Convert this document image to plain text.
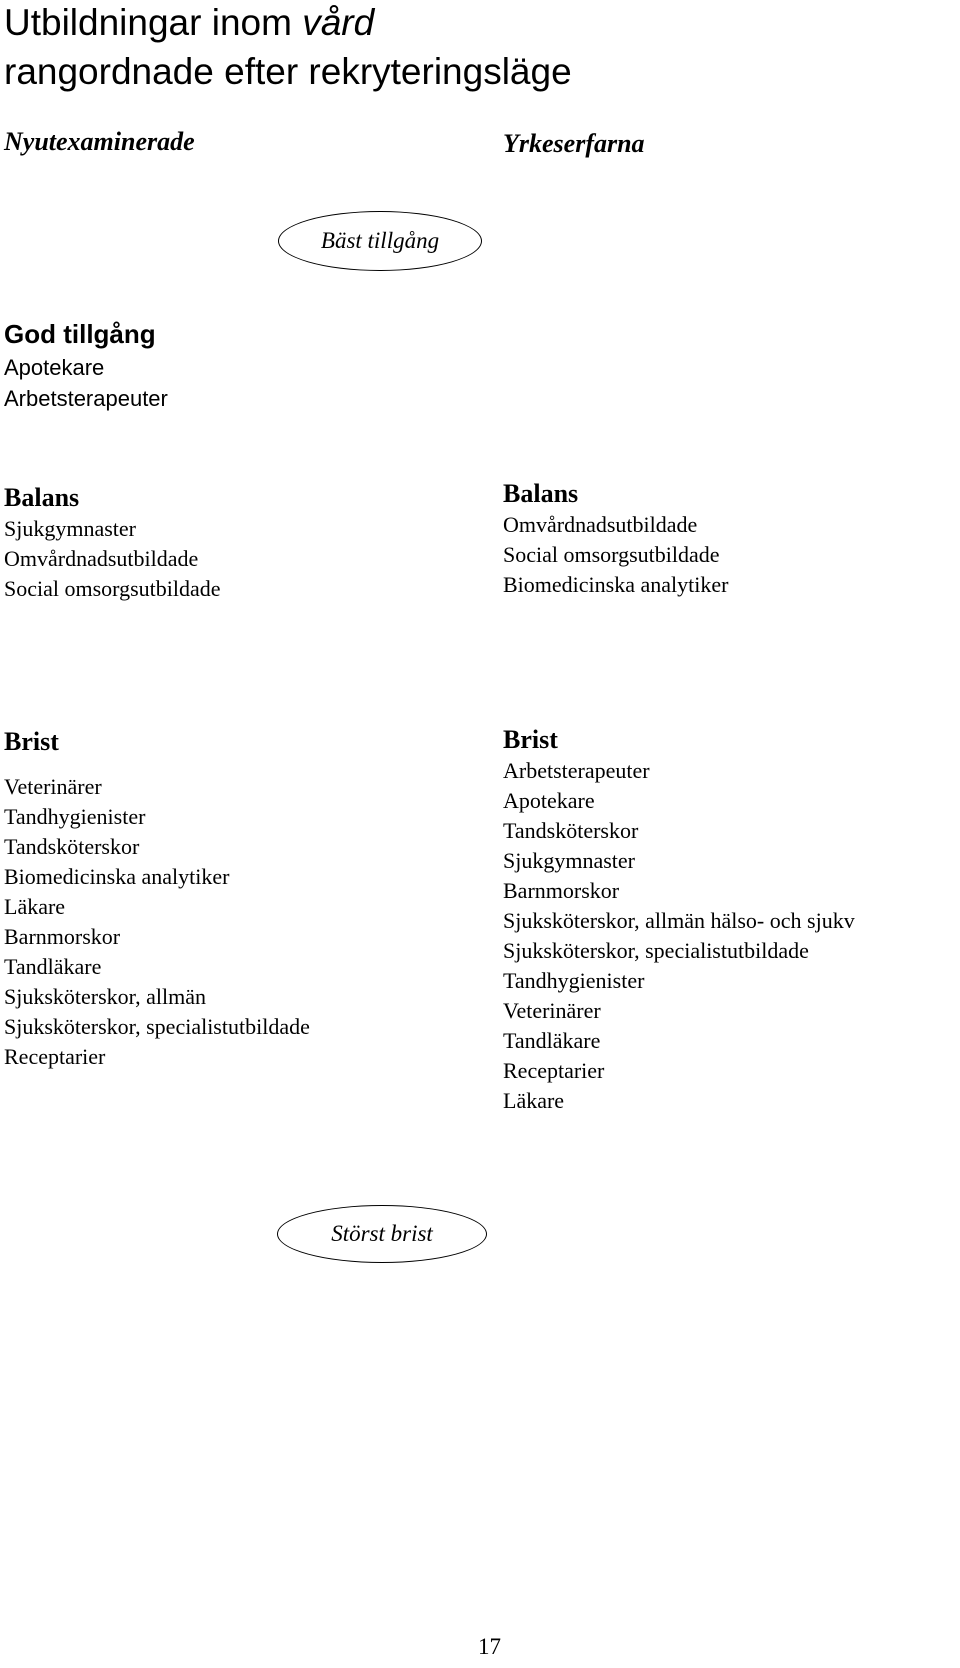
Utbildningar inom vård
rangordnade efter rekryteringsläge
Nyutexaminerade	Yrkeserfarna
Bäst tillgång
God tillgång
Apotekare
Arbetsterapeuter
Balans
Sjukgymnaster
Omvårdnadsutbildade
Social omsorgsutbildade
Balans
Omvårdnadsutbildade
Social omsorgsutbildade
Biomedicinska analytiker
Brist
Veterinärer
Tandhygienister
Tandsköterskor
Biomedicinska analytiker
Läkare
Barnmorskor
Tandläkare
Sjuksköterskor, allmän
Sjuksköterskor, specialistutbildade
Receptarier
Brist
Arbetsterapeuter
Apotekare
Tandsköterskor
Sjukgymnaster
Barnmorskor
Sjuksköterskor, allmän hälso- och sjukv
Sjuksköterskor, specialistutbildade
Tandhygienister
Veterinärer
Tandläkare
Receptarier
Läkare
Störst brist
17
